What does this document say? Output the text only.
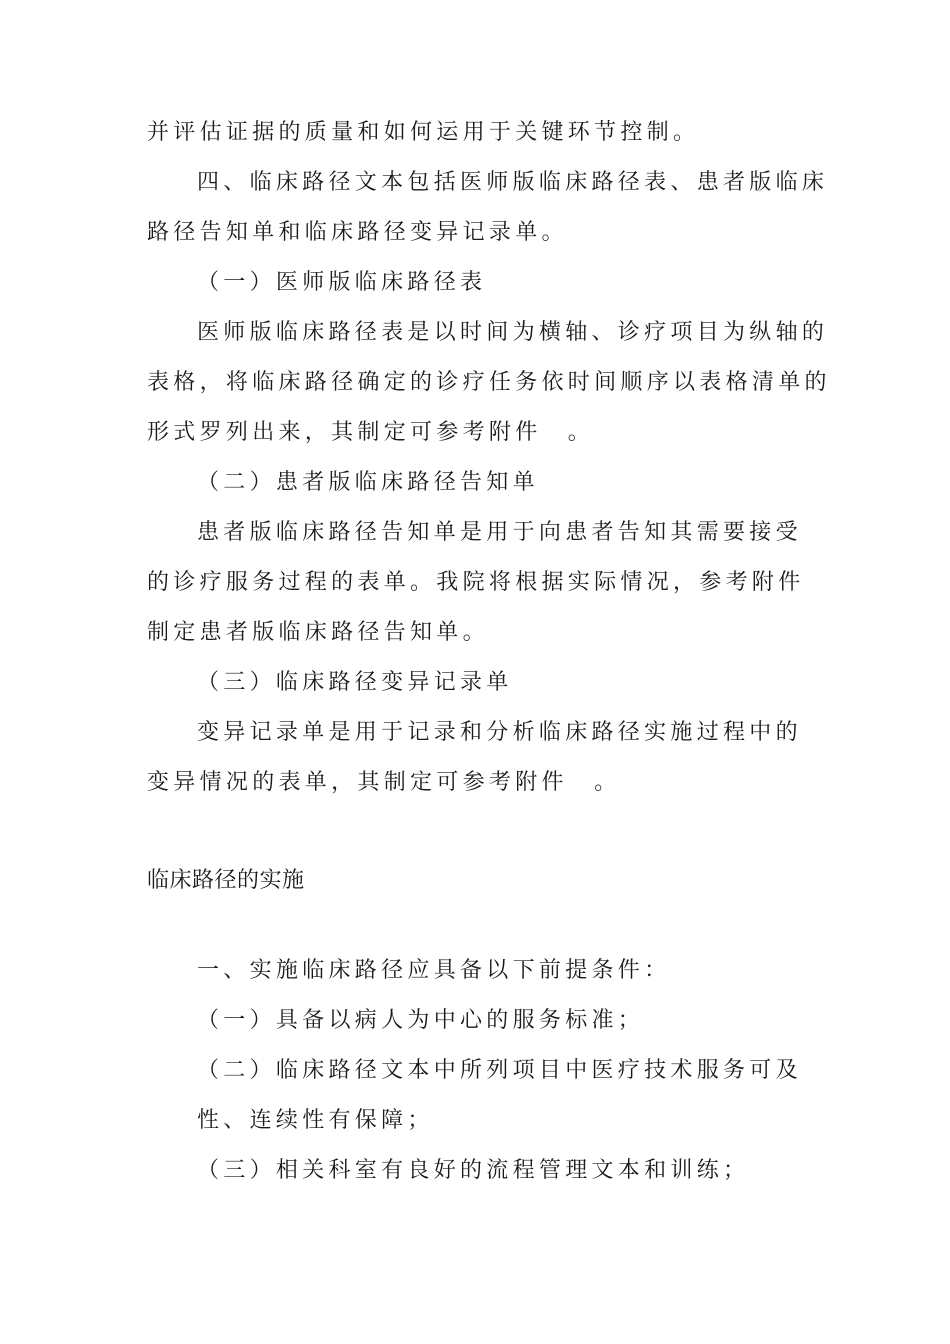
并评估证据的质量和如何运用于关键环节控制。
四、临床路径文本包括医师版临床路径表、患者版临床
路径告知单和临床路径变异记录单。
（一）医师版临床路径表
医师版临床路径表是以时间为横轴、诊疗项目为纵轴的
表格，将临床路径确定的诊疗任务依时间顺序以表格清单的
形式罗列出来，其制定可参考附件　。
（二）患者版临床路径告知单
患者版临床路径告知单是用于向患者告知其需要接受
的诊疗服务过程的表单。我院将根据实际情况，参考附件
制定患者版临床路径告知单。
（三）临床路径变异记录单
变异记录单是用于记录和分析临床路径实施过程中的
变异情况的表单，其制定可参考附件　。
临床路径的实施
一、实施临床路径应具备以下前提条件：
（一）具备以病人为中心的服务标准；
（二）临床路径文本中所列项目中医疗技术服务可及
性、连续性有保障；
（三）相关科室有良好的流程管理文本和训练；
